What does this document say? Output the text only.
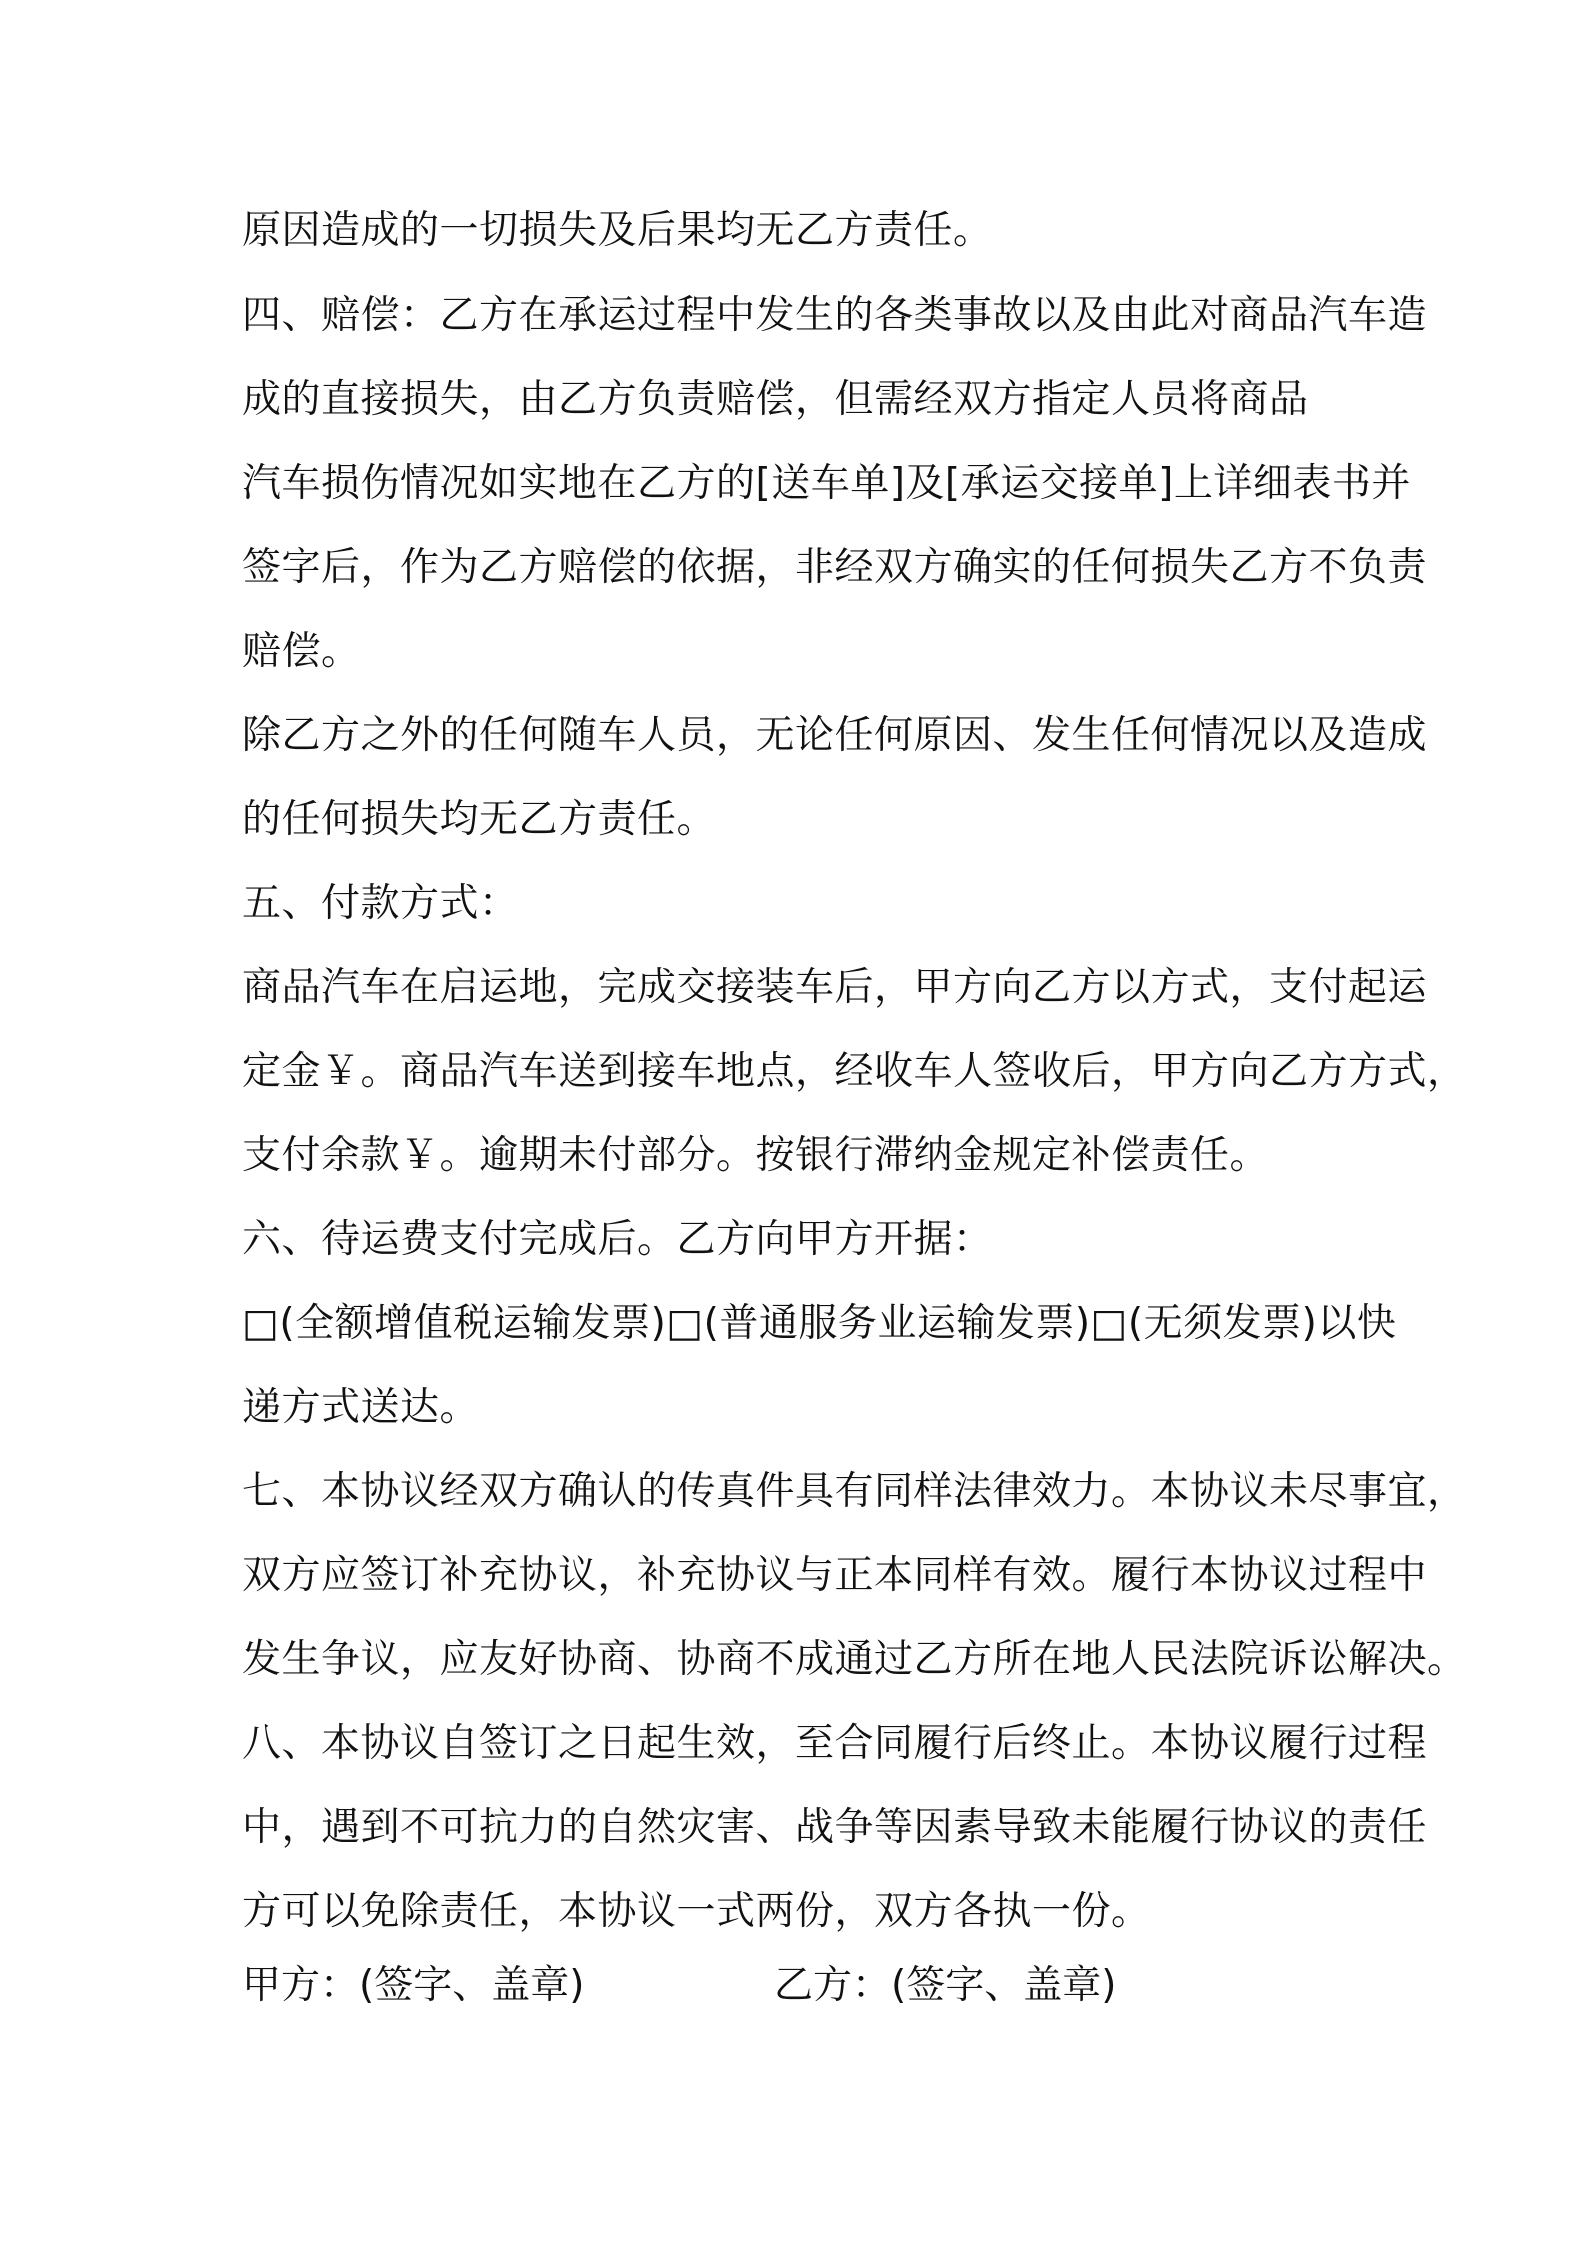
原因造成的一切损失及后果均无乙方责任。

四、赔偿：乙方在承运过程中发生的各类事故以及由此对商品汽车造

成的直接损失，由乙方负责赔偿，但需经双方指定人员将商品

汽车损伤情况如实地在乙方的[送车单]及[承运交接单]上详细表书并

签字后，作为乙方赔偿的依据，非经双方确实的任何损失乙方不负责

赔偿。

除乙方之外的任何随车人员，无论任何原因、发生任何情况以及造成

的任何损失均无乙方责任。

五、付款方式：

商品汽车在启运地，完成交接装车后，甲方向乙方以方式，支付起运

定金￥。商品汽车送到接车地点，经收车人签收后，甲方向乙方方式，

支付余款￥。逾期未付部分。按银行滞纳金规定补偿责任。

六、待运费支付完成后。乙方向甲方开据：

□(全额增值税运输发票)□(普通服务业运输发票)□(无须发票)以快

递方式送达。

七、本协议经双方确认的传真件具有同样法律效力。本协议未尽事宜，

双方应签订补充协议，补充协议与正本同样有效。履行本协议过程中

发生争议，应友好协商、协商不成通过乙方所在地人民法院诉讼解决。

八、本协议自签订之日起生效，至合同履行后终止。本协议履行过程

中，遇到不可抗力的自然灾害、战争等因素导致未能履行协议的责任

方可以免除责任，本协议一式两份，双方各执一份。

甲方：(签字、盖章)	乙方：(签字、盖章)
